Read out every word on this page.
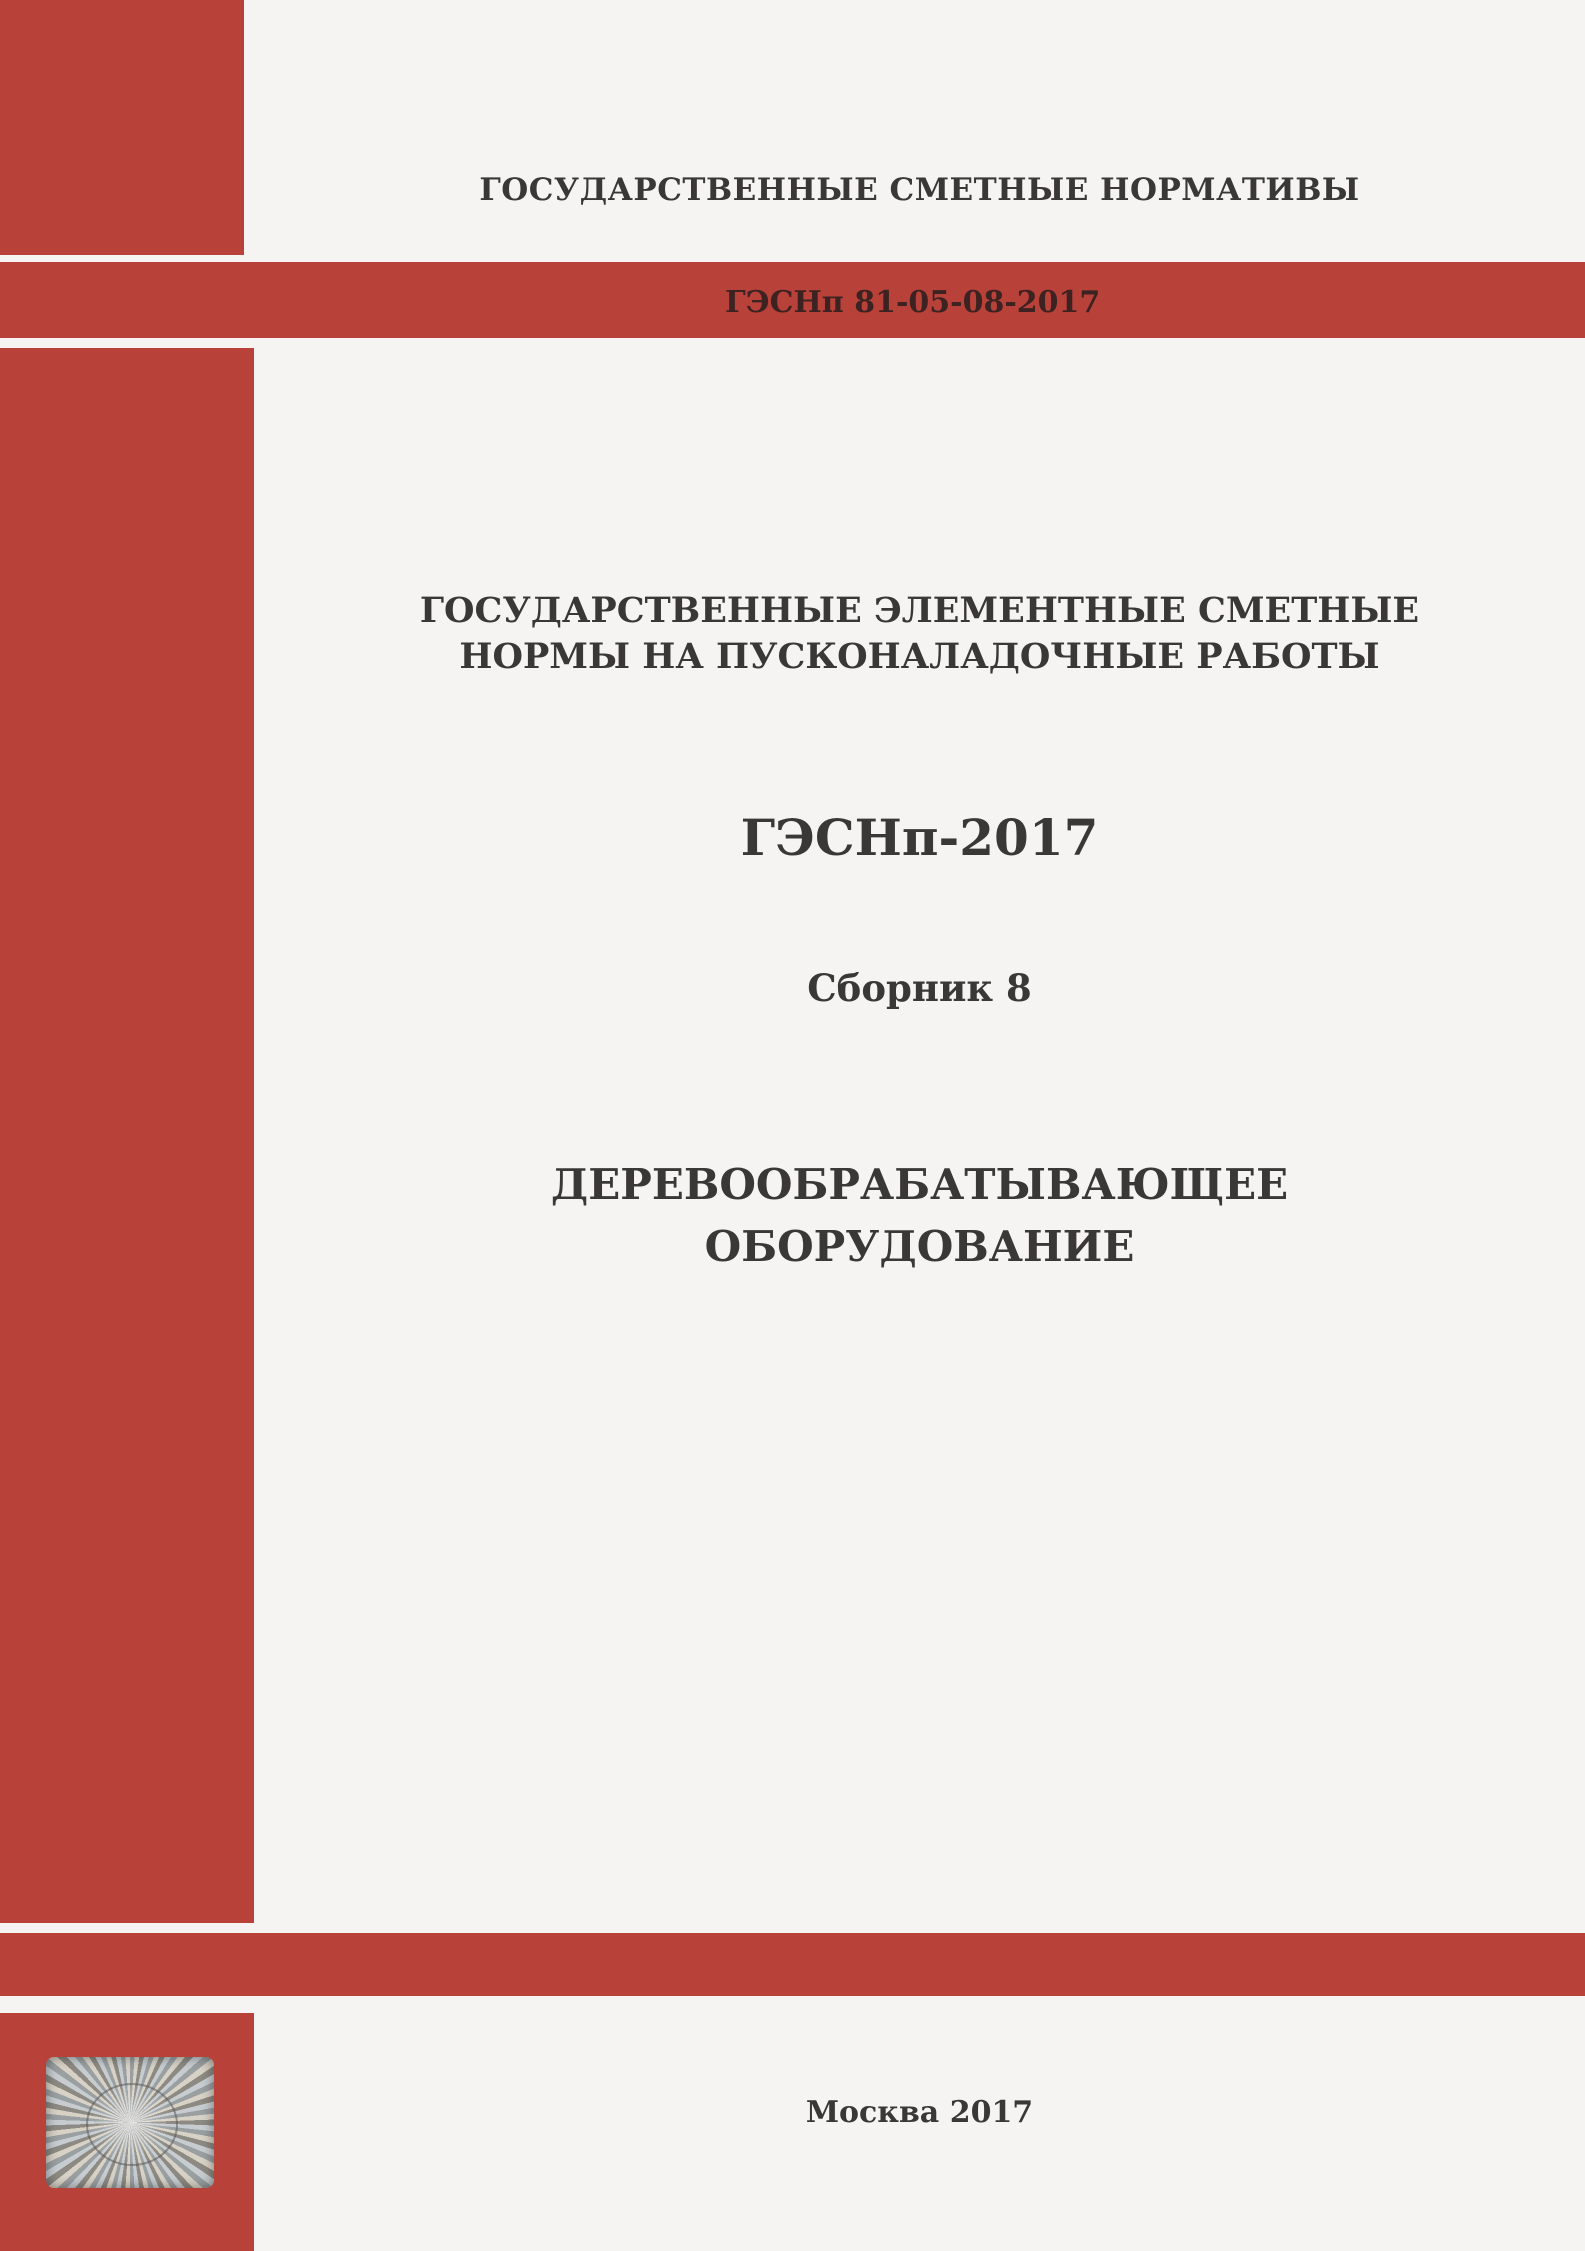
ГОСУДАРСТВЕННЫЕ СМЕТНЫЕ НОРМАТИВЫ
ГЭСНп 81-05-08-2017
ГОСУДАРСТВЕННЫЕ ЭЛЕМЕНТНЫЕ СМЕТНЫЕ
НОРМЫ НА ПУСКОНАЛАДОЧНЫЕ РАБОТЫ
ГЭСНп-2017
Сборник 8
ДЕРЕВООБРАБАТЫВАЮЩЕЕ
ОБОРУДОВАНИЕ
Москва 2017
